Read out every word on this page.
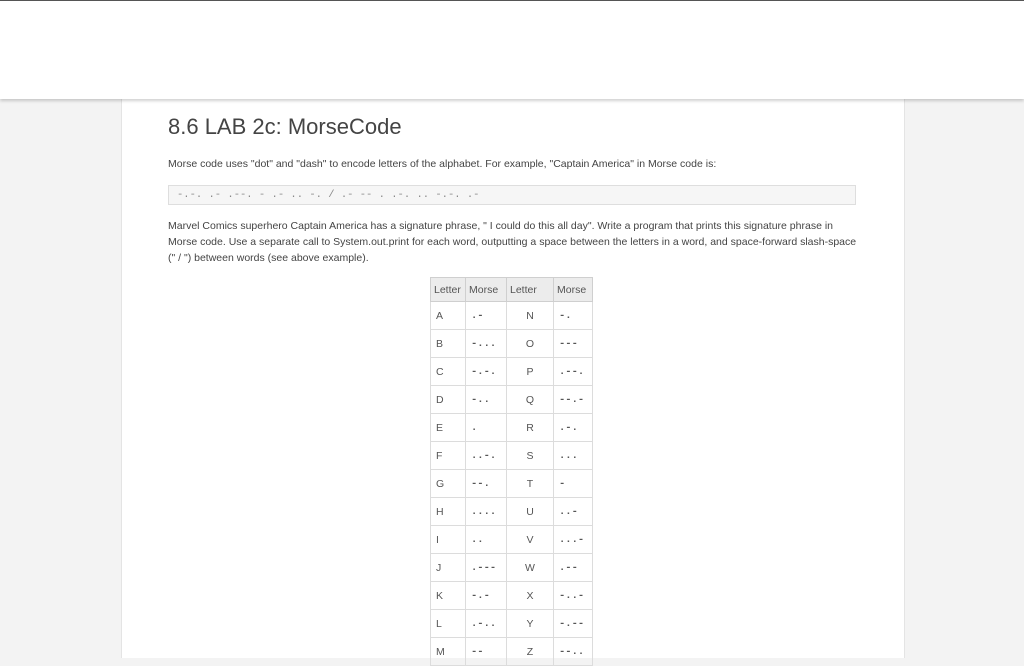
8.6 LAB 2c: MorseCode

Morse code uses "dot" and "dash" to encode letters of the alphabet. For example, "Captain America" in Morse code is:

-.-. .- .--. - .- .. -. / .- -- . .-. .. -.-. .-

Marvel Comics superhero Captain America has a signature phrase, " I could do this all day". Write a program that prints this signature phrase in Morse code. Use a separate call to System.out.print for each word, outputting a space between the letters in a word, and space-forward slash-space (" / ") between words (see above example).

Letter	Morse	Letter	Morse
A	.-	N	-.
B	-...	O	---
C	-.-.	P	.--.
D	-..	Q	--.-
E	.	R	.-.
F	..-.	S	...
G	--.	T	-
H	....	U	..-
I	..	V	...-
J	.---	W	.--
K	-.-	X	-..-
L	.-..	Y	-.--
M	--	Z	--..
